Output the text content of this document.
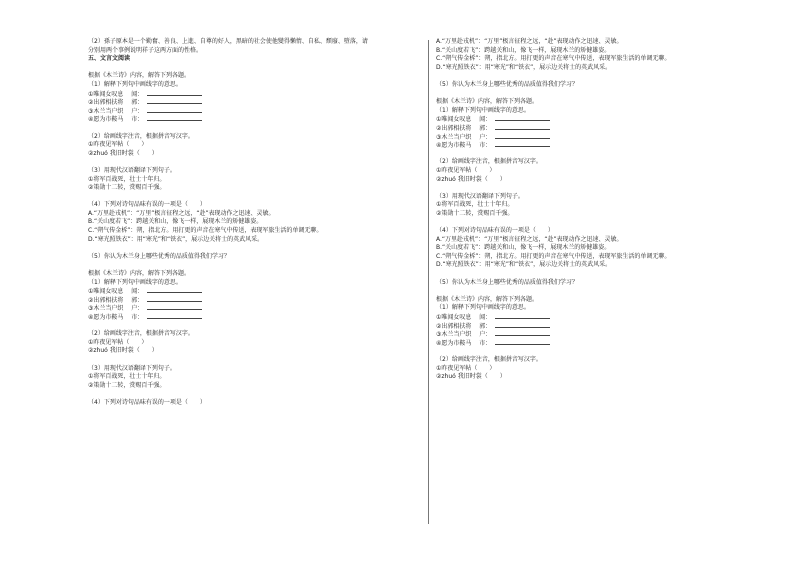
（2）孫子原本是一个勤奮、善良、上進、自尊的好人，黑暗的社会使他變得懶惰、自私、頹廢、墮落，请
分别用两个事例说明祥子这两方面的性格。
五、文言文阅读
根据《木兰诗》内容，解答下列各题。
（1）解释下列句中画线字的意思。
①唯闻女叹息　 闻：
②出郭相扶将　 郭：
③木兰当户织　 户：
④愿为市鞍马　 市：
（2）给画线字注音，根据拼音写汉字。
①昨夜见军帖（　　）
②zhuó 我旧时裳（　　）
（3）用现代汉语翻译下列句子。
①将军百战死，壮士十年归。
②策勋十二转，赏赐百千强。
（4）下列对诗句品味有误的一项是（　　）
A.“万里赴戎机”：“万里”极言征程之远，“赴”表现动作之迅速、灵敏。
B.“关山度若飞”：跨越关和山，像飞一样，展现木兰的矫健雄姿。
C.“朔气传金柝”：朔，指北方。用打更的声音在寒气中传送，表现军旅生活的单调无聊。
D.“寒光照铁衣”：用“寒光”和“铁衣”，展示边关将士的英武风采。
（5）你认为木兰身上哪些优秀的品质值得我们学习？
根据《木兰诗》内容，解答下列各题。
（1）解释下列句中画线字的意思。
①唯闻女叹息　 闻：
②出郭相扶将　 郭：
③木兰当户织　 户：
④愿为市鞍马　 市：
（2）给画线字注音，根据拼音写汉字。
①昨夜见军帖（　　）
②zhuó 我旧时裳（　　）
（3）用现代汉语翻译下列句子。
①将军百战死，壮士十年归。
②策勋十二转，赏赐百千强。
（4）下列对诗句品味有误的一项是（　　）
A.“万里赴戎机”：“万里”极言征程之远，“赴”表现动作之迅速、灵敏。
B.“关山度若飞”：跨越关和山，像飞一样，展现木兰的矫健雄姿。
C.“朔气传金柝”：朔，指北方。用打更的声音在寒气中传送，表现军旅生活的单调无聊。
D.“寒光照铁衣”：用“寒光”和“铁衣”，展示边关将士的英武风采。
（5）你认为木兰身上哪些优秀的品质值得我们学习？
根据《木兰诗》内容，解答下列各题。
（1）解释下列句中画线字的意思。
①唯闻女叹息　 闻：
②出郭相扶将　 郭：
③木兰当户织　 户：
④愿为市鞍马　 市：
（2）给画线字注音，根据拼音写汉字。
①昨夜见军帖（　　）
②zhuó 我旧时裳（　　）
（3）用现代汉语翻译下列句子。
①将军百战死，壮士十年归。
②策勋十二转，赏赐百千强。
（4）下列对诗句品味有误的一项是（　　）
A.“万里赴戎机”：“万里”极言征程之远，“赴”表现动作之迅速、灵敏。
B.“关山度若飞”：跨越关和山，像飞一样，展现木兰的矫健雄姿。
C.“朔气传金柝”：朔，指北方。用打更的声音在寒气中传送，表现军旅生活的单调无聊。
D.“寒光照铁衣”：用“寒光”和“铁衣”，展示边关将士的英武风采。
（5）你认为木兰身上哪些优秀的品质值得我们学习？
根据《木兰诗》内容，解答下列各题。
（1）解释下列句中画线字的意思。
①唯闻女叹息　 闻：
②出郭相扶将　 郭：
③木兰当户织　 户：
④愿为市鞍马　 市：
（2）给画线字注音，根据拼音写汉字。
①昨夜见军帖（　　）
②zhuó 我旧时裳（　　）
